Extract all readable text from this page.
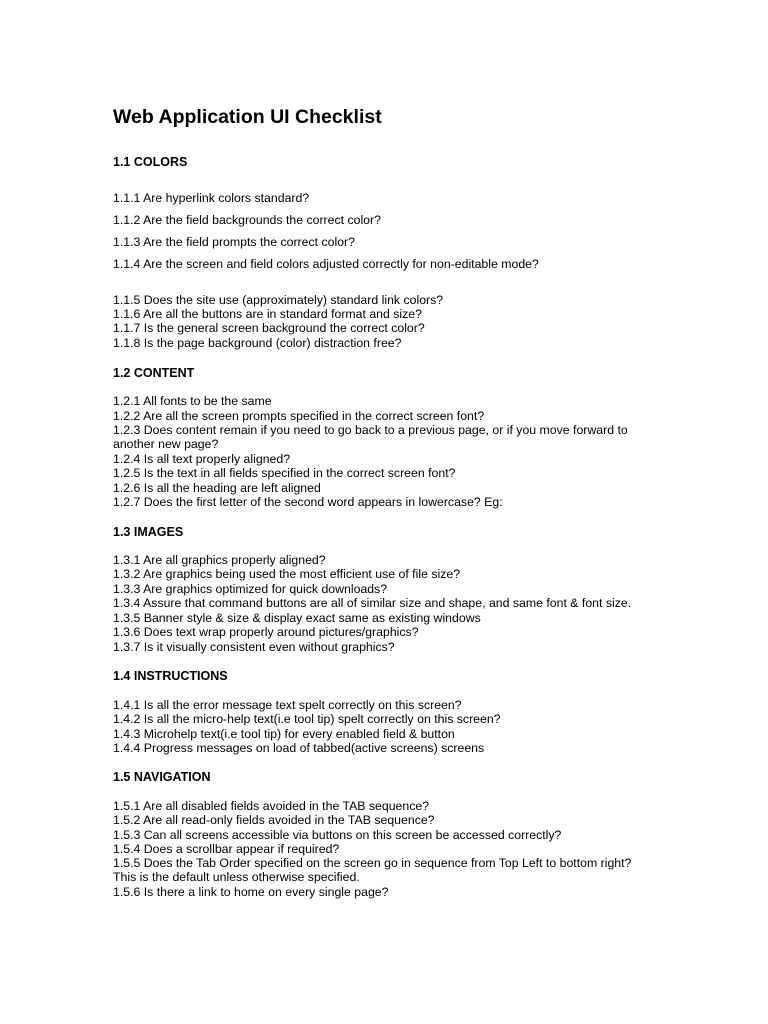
Web Application UI Checklist
1.1 COLORS

1.1.1 Are hyperlink colors standard?

1.1.2 Are the field backgrounds the correct color?

1.1.3 Are the field prompts the correct color?

1.1.4 Are the screen and field colors adjusted correctly for non-editable mode?

1.1.5 Does the site use (approximately) standard link colors?

1.1.6 Are all the buttons are in standard format and size?

1.1.7 Is the general screen background the correct color?

1.1.8 Is the page background (color) distraction free?

1.2 CONTENT

1.2.1 All fonts to be the same

1.2.2 Are all the screen prompts specified in the correct screen font?

1.2.3 Does content remain if you need to go back to a previous page, or if you move forward to another new page?

1.2.4 Is all text properly aligned?

1.2.5 Is the text in all fields specified in the correct screen font?

1.2.6 Is all the heading are left aligned

1.2.7 Does the first letter of the second word appears in lowercase? Eg:

1.3 IMAGES

1.3.1 Are all graphics properly aligned?

1.3.2 Are graphics being used the most efficient use of file size?

1.3.3 Are graphics optimized for quick downloads?

1.3.4 Assure that command buttons are all of similar size and shape, and same font & font size.

1.3.5 Banner style & size & display exact same as existing windows

1.3.6 Does text wrap properly around pictures/graphics?

1.3.7 Is it visually consistent even without graphics?

1.4 INSTRUCTIONS

1.4.1 Is all the error message text spelt correctly on this screen?

1.4.2 Is all the micro-help text(i.e tool tip) spelt correctly on this screen?

1.4.3 Microhelp text(i.e tool tip) for every enabled field & button

1.4.4 Progress messages on load of tabbed(active screens) screens

1.5 NAVIGATION

1.5.1 Are all disabled fields avoided in the TAB sequence?

1.5.2 Are all read-only fields avoided in the TAB sequence?

1.5.3 Can all screens accessible via buttons on this screen be accessed correctly?

1.5.4 Does a scrollbar appear if required?

1.5.5 Does the Tab Order specified on the screen go in sequence from Top Left to bottom right? This is the default unless otherwise specified.

1.5.6 Is there a link to home on every single page?
